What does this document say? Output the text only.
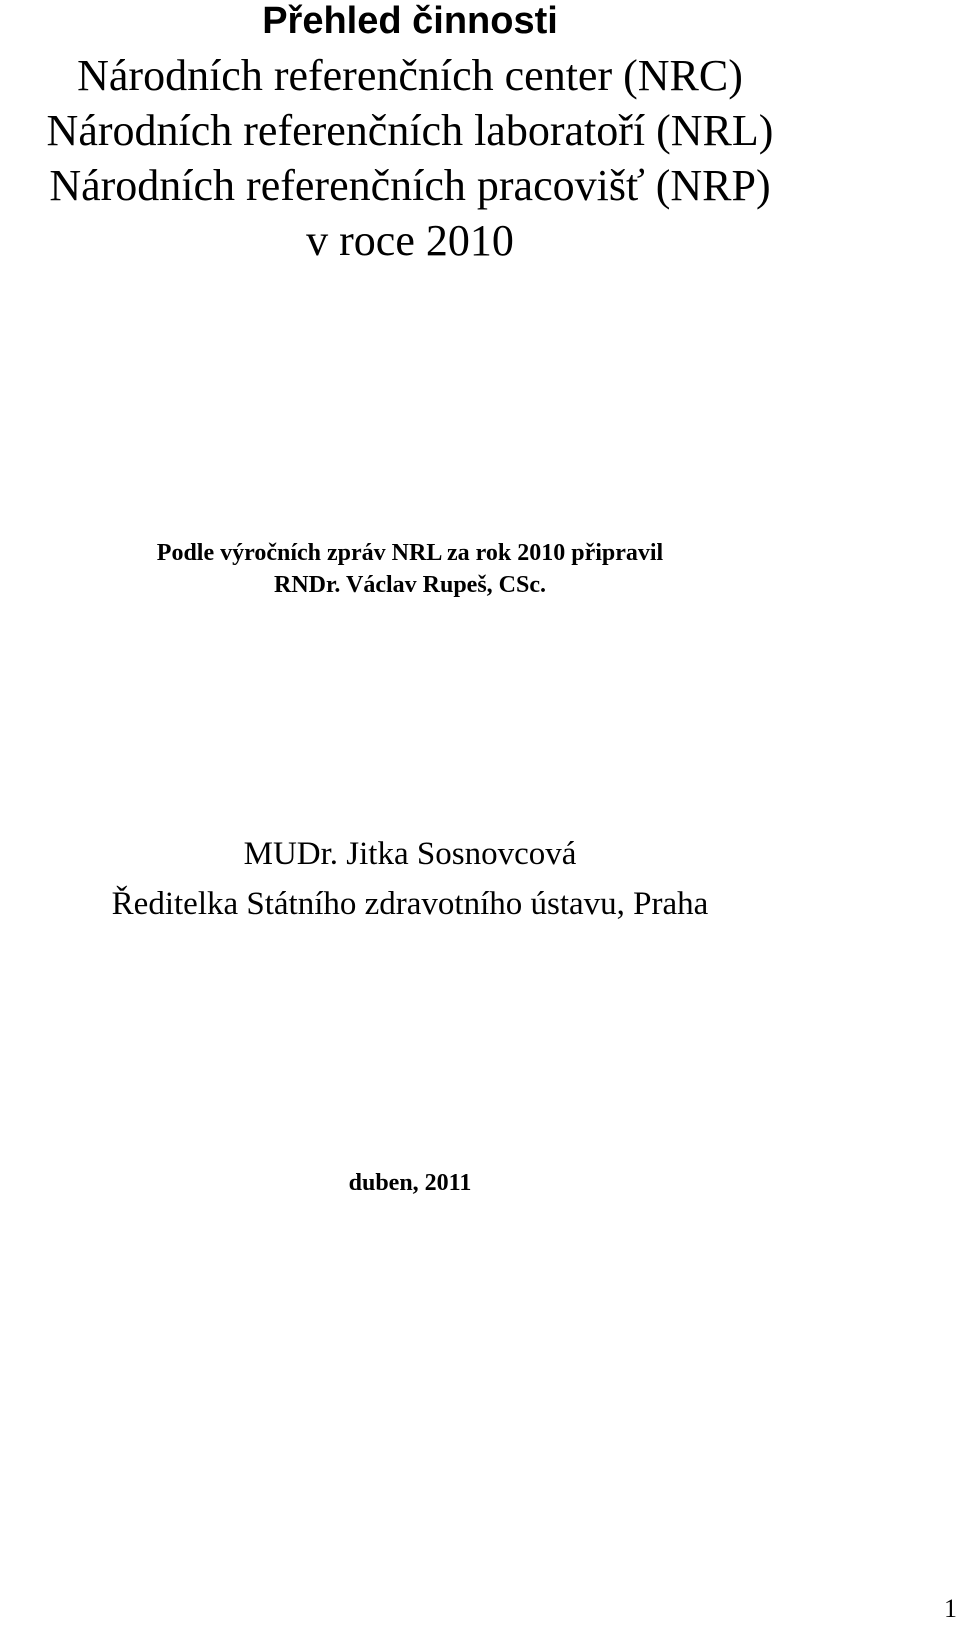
Přehled činnosti
Národních referenčních center (NRC)
Národních referenčních laboratoří (NRL)
Národních referenčních pracovišť (NRP)
v roce 2010
Podle výročních zpráv NRL za rok 2010 připravil
RNDr. Václav Rupeš, CSc.
MUDr. Jitka Sosnovcová
Ředitelka Státního zdravotního ústavu, Praha
duben, 2011
1
